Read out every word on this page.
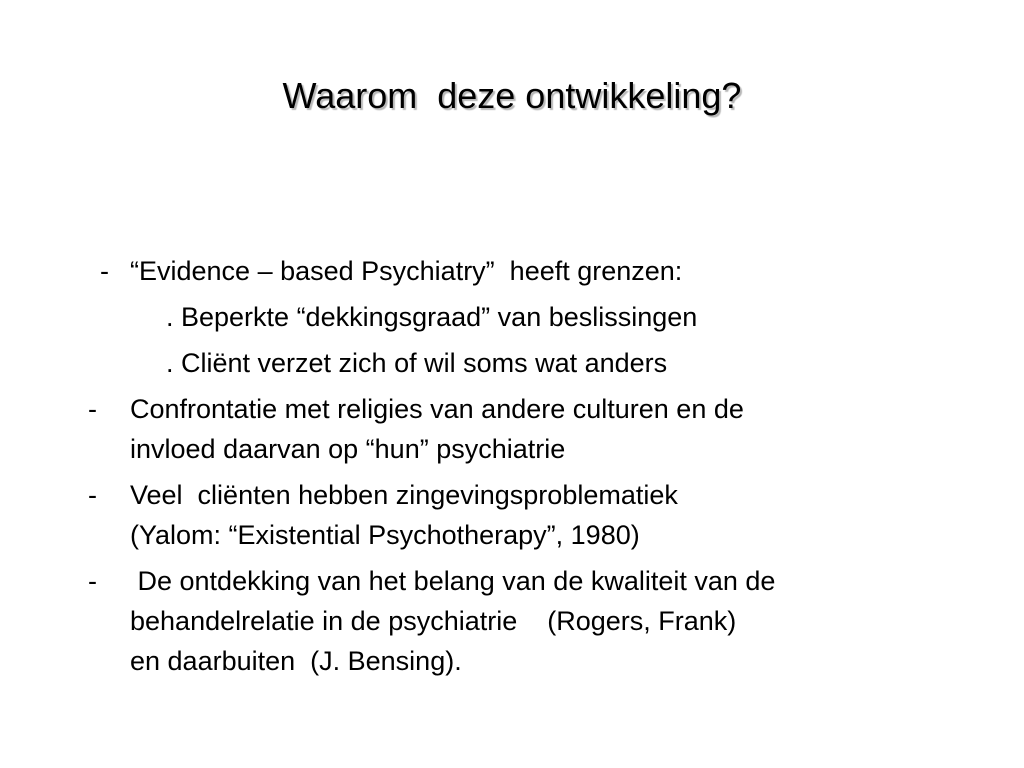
Waarom  deze ontwikkeling?

-

“Evidence – based Psychiatry”  heeft grenzen:

. Beperkte “dekkingsgraad” van beslissingen

. Cliënt verzet zich of wil soms wat anders

-

Confrontatie met religies van andere culturen en de

invloed daarvan op “hun” psychiatrie

-

Veel  cliënten hebben zingevingsproblematiek

(Yalom: “Existential Psychotherapy”, 1980)

-

De ontdekking van het belang van de kwaliteit van de

behandelrelatie in de psychiatrie    (Rogers, Frank)

en daarbuiten  (J. Bensing).
